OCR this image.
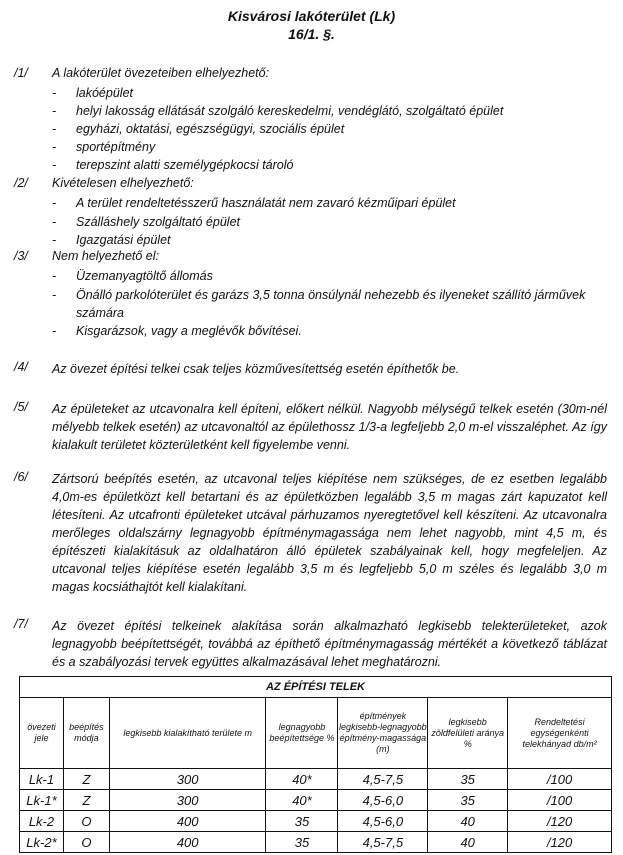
Kisvárosi lakóterület (Lk)
16/1. §.
/1/ A lakóterület övezeteiben elhelyezhető:
- lakóépület
- helyi lakosság ellátását szolgáló kereskedelmi, vendéglátó, szolgáltató épület
- egyházi, oktatási, egészségügyi, szociális épület
- sportépítmény
- terepszint alatti személygépkocsi tároló
/2/ Kivételesen elhelyezhető:
- A terület rendeltetésszerű használatát nem zavaró kézműipari épület
- Szálláshely szolgáltató épület
- Igazgatási épület
/3/ Nem helyezhető el:
- Üzemanyagtöltő állomás
- Önálló parkolóterület és garázs 3,5 tonna önsúlynál nehezebb és ilyeneket szállító járművek számára
- Kisgarázsok, vagy a meglévők bővítései.
/4/ Az övezet építési telkei csak teljes közművesítettség esetén építhetők be.
/5/ Az épületeket az utcavonalra kell építeni, előkert nélkül. Nagyobb mélységű telkek esetén (30m-nél mélyebb telkek esetén) az utcavonaltól az épülethossz 1/3-a legfeljebb 2,0 m-el visszaléphet. Az így kialakult területet közterületként kell figyelembe venni.
/6/ Zártsorú beépítés esetén, az utcavonal teljes kiépítése nem szükséges, de ez esetben legalább 4,0m-es épületközt kell betartani és az épületközben legalább 3,5 m magas zárt kapuzatot kell létesíteni. Az utcafronti épületeket utcával párhuzamos nyeregtetővel kell készíteni. Az utcavonalra merőleges oldalszárny legnagyobb építménymagassága nem lehet nagyobb, mint 4,5 m, és építészeti kialakításuk az oldalhatáron álló épületek szabályainak kell, hogy megfeleljen. Az utcavonal teljes kiépítése esetén legalább 3,5 m és legfeljebb 5,0 m széles és legalább 3,0 m magas kocsiáthajtót kell kialakítani.
/7/ Az övezet építési telkeinek alakítása során alkalmazható legkisebb telekterületeket, azok legnagyobb beépítettségét, továbbá az építhető építménymagasság mértékét a következő táblázat és a szabályozási tervek együttes alkalmazásával lehet meghatározni.
AZ ÉPÍTÉSI TELEK						
övezeti jele	beépítés módja	legkisebb kialakítható területe m	legnagyobb beépítettsége %	építmények legkisebb-legnagyobb építmény-magassága (m)	legkisebb zöldfelületi aránya %	Rendeltetési egységenkénti telekhányad db/m²
Lk-1	Z	300	40*	4,5-7,5	35	/100
Lk-1*	Z	300	40*	4,5-6,0	35	/100
Lk-2	O	400	35	4,5-6,0	40	/120
Lk-2*	O	400	35	4,5-7,5	40	/120
